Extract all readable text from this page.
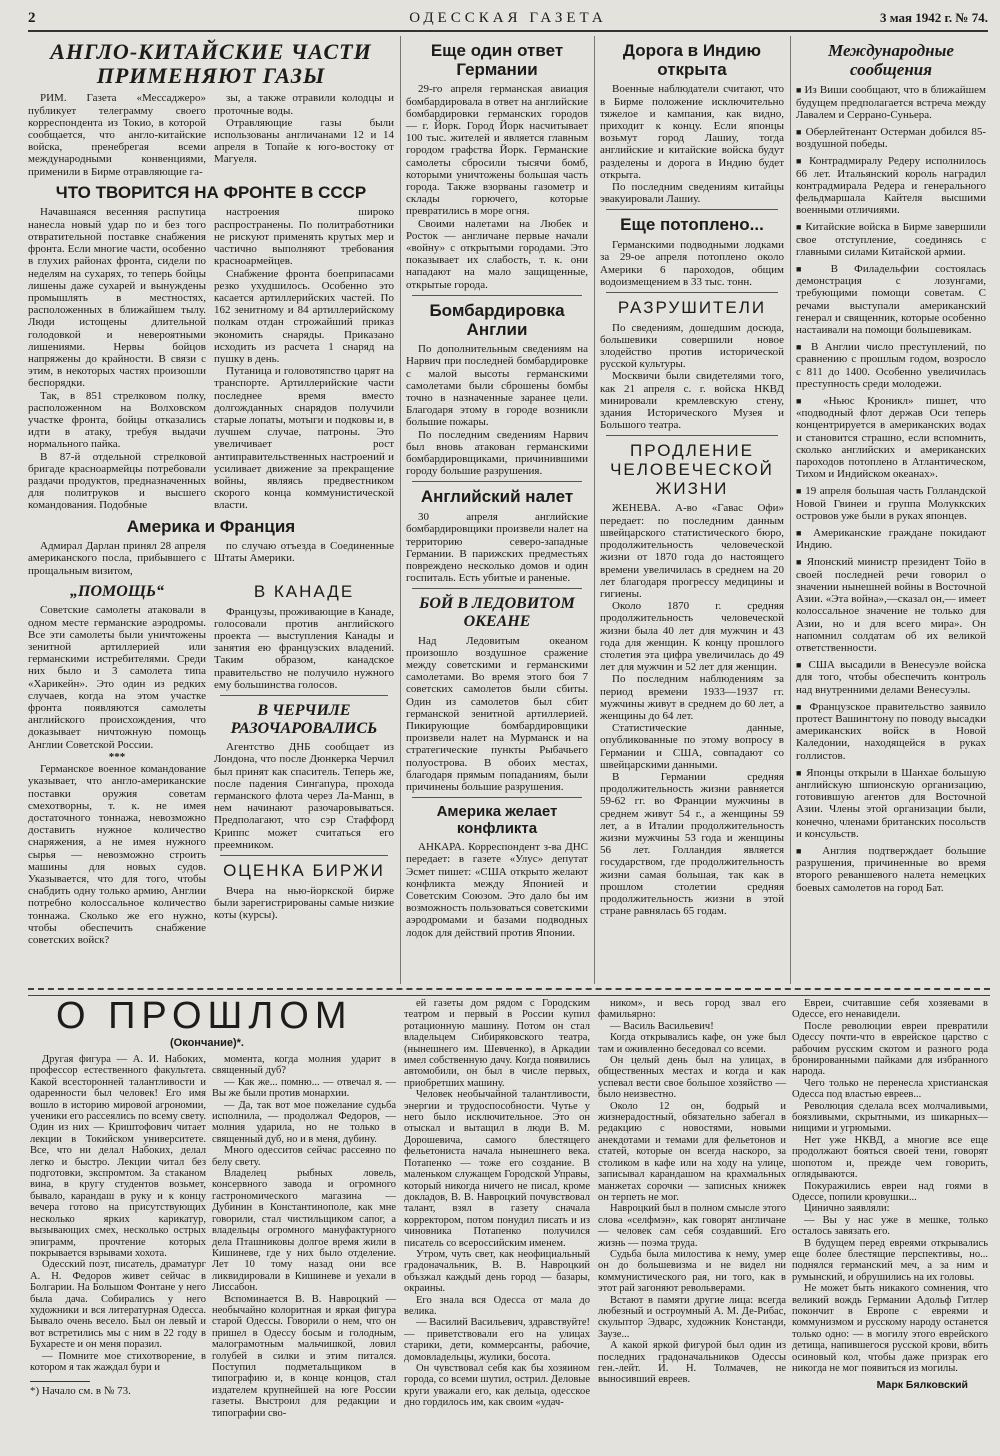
2	ОДЕССКАЯ ГАЗЕТА	3 мая 1942 г. № 74.
АНГЛО-КИТАЙСКИЕ ЧАСТИ ПРИМЕНЯЮТ ГАЗЫ

РИМ. Газета «Мессаджеро» публикует телеграмму своего корреспондента из Токио, в которой сообщается, что англо-китайские войска, пренебрегая всеми международными конвенциями, применили в Бирме отравляющие га-

зы, а также отравили колодцы и проточные воды.

Отравляющие газы были использованы англичанами 12 и 14 апреля в Топайе к юго-востоку от Магуеля.

ЧТО ТВОРИТСЯ НА ФРОНТЕ В СССР

Начавшаяся весенняя распутица нанесла новый удар по и без того отвратительной поставке снабжения фронта. Если многие части, особенно в глухих районах фронта, сидели по неделям на сухарях, то теперь бойцы лишены даже сухарей и вынуждены промышлять в местностях, расположенных в ближайшем тылу. Люди истощены длительной голодовкой и невероятными лишениями. Нервы бойцов напряжены до крайности. В связи с этим, в некоторых частях произошли беспорядки.

Так, в 851 стрелковом полку, расположенном на Волховском участке фронта, бойцы отказались идти в атаку, требуя выдачи нормального пайка.

В 87-й отдельной стрелковой бригаде красноармейцы потребовали раздачи продуктов, предназначенных для политруков и высшего командования. Подобные

настроения широко распространены. По политработники не рискуют применять крутых мер и частично выполняют требования красноармейцев.

Снабжение фронта боеприпасами резко ухудшилось. Особенно это касается артиллерийских частей. По 162 зенитному и 84 артиллерийскому полкам отдан строжайший приказ экономить снаряды. Приказано исходить из расчета 1 снаряд на пушку в день.

Путаница и головотяпство царят на транспорте. Артиллерийские части последнее время вместо долгожданных снарядов получили старые лопаты, мотыги и подковы и, в лучшем случае, патроны. Это увеличивает рост антиправительственных настроений и усиливает движение за прекращение войны, являясь предвестником скорого конца коммунистической власти.

Америка и Франция

Адмирал Дарлан принял 28 апреля американского посла, прибывшего с прощальным визитом,

по случаю отъезда в Соединенные Штаты Америки.

„ПОМОЩЬ“

Советские самолеты атаковали в одном месте германские аэродромы. Все эти самолеты были уничтожены зенитной артиллерией или германскими истребителями. Среди них было и 3 самолета типа «Харикейн». Это один из редких случаев, когда на этом участке фронта появляются самолеты английского происхождения, что доказывает ничтожную помощь Англии Советской России.

***

Германское военное командование указывает, что англо-американские поставки оружия советам смехотворны, т. к. не имея достаточного тоннажа, невозможно доставить нужное количество снаряжения, а не имея нужного сырья — невозможно строить машины для новых судов. Указывается, что для того, чтобы снабдить одну только армию, Англии потребно колоссальное количество тоннажа. Сколько же его нужно, чтобы обеспечить снабжение советских войск?

В КАНАДЕ

Французы, проживающие в Канаде, голосовали против английского проекта — выступления Канады и занятия ею французских владений. Таким образом, канадское правительство не получило нужного ему большинства голосов.

В ЧЕРЧИЛЕ РАЗОЧАРОВАЛИСЬ

Агентство ДНБ сообщает из Лондона, что после Дюнкерка Черчил был принят как спаситель. Теперь же, после падения Сингапура, прохода германского флота через Ла-Манш, в нем начинают разочаровываться. Предполагают, что сэр Стаффорд Криппс может считаться его преемником.

ОЦЕНКА БИРЖИ

Вчера на нью-йоркской бирже были зарегистрированы самые низкие коты (курсы).

Еще один ответ Германии

29-го апреля германская авиация бомбардировала в ответ на английские бомбардировки германских городов — г. Йорк. Город Йорк насчитывает 100 тыс. жителей и является главным городом графства Йорк. Германские самолеты сбросили тысячи бомб, которыми уничтожены большая часть города. Также взорваны газометр и склады горючего, которые превратились в море огня.

Своими налетами на Любек и Росток — англичане первые начали «войну» с открытыми городами. Это показывает их слабость, т. к. они нападают на мало защищенные, открытые города.

Бомбардировка Англии

По дополнительным сведениям на Нарвич при последней бомбардировке с малой высоты германскими самолетами были сброшены бомбы точно в назначенные заранее цели. Благодаря этому в городе возникли большие пожары.

По последним сведениям Нарвич был вновь атакован германскими бомбардировщиками, причинившими городу большие разрушения.

Английский налет

30 апреля английские бомбардировщики произвели налет на территорию северо-западные Германии. В парижских предместьях повреждено несколько домов и один госпиталь. Есть убитые и раненые.

БОЙ В ЛЕДОВИТОМ ОКЕАНЕ

Над Ледовитым океаном произошло воздушное сражение между советскими и германскими самолетами. Во время этого боя 7 советских самолетов были сбиты. Один из самолетов был сбит германской зенитной артиллерией. Пикирующие бомбардировщики произвели налет на Мурманск и на стратегические пункты Рыбачьего полуострова. В обоих местах, благодаря прямым попаданиям, были причинены большие разрушения.

Америка желает конфликта

АНКАРА. Корреспондент з-ва ДНС передает: в газете «Улус» депутат Эсмет пишет: «США открыто желают конфликта между Японией и Советским Союзом. Это дало бы им возможность пользоваться советскими аэродромами и базами подводных лодок для действий против Японии.

Дорога в Индию открыта

Военные наблюдатели считают, что в Бирме положение исключительно тяжелое и кампания, как видно, приходит к концу. Если японцы возьмут город Лашиу, тогда английские и китайские войска будут разделены и дорога в Индию будет открыта.

По последним сведениям китайцы эвакуировали Лашиу.

Еще потоплено...

Германскими подводными лодками за 29-ое апреля потоплено около Америки 6 пароходов, общим водоизмещением в 33 тыс. тонн.

РАЗРУШИТЕЛИ

По сведениям, дошедшим досюда, большевики совершили новое злодейство против исторической русской культуры.

Москвичи были свидетелями того, как 21 апреля с. г. войска НКВД минировали кремлевскую стену, здания Исторического Музея и Большого театра.

ПРОДЛЕНИЕ ЧЕЛОВЕЧЕСКОЙ ЖИЗНИ

ЖЕНЕВА. А-во «Гавас Офи» передает: по последним данным швейцарского статистического бюро, продолжительность человеческой жизни от 1870 года до настоящего времени увеличилась в среднем на 20 лет благодаря прогрессу медицины и гигиены.

Около 1870 г. средняя продолжительность человеческой жизни была 40 лет для мужчин и 43 года для женщин. К концу прошлого столетия эта цифра увеличилась до 49 лет для мужчин и 52 лет для женщин.

По последним наблюдениям за период времени 1933—1937 гг. мужчины живут в среднем до 60 лет, а женщины до 64 лет.

Статистические данные, опубликованные по этому вопросу в Германии и США, совпадают со швейцарскими данными.

В Германии средняя продолжительность жизни равняется 59-62 гг. во Франции мужчины в среднем живут 54 г., а женщины 59 лет, а в Италии продолжительность жизни мужчины 53 года и женщины 56 лет. Голландия является государством, где продолжительность жизни самая большая, так как в прошлом столетии средняя продолжительность жизни в этой стране равнялась 65 годам.

Международные сообщения

■ Из Виши сообщают, что в ближайшем будущем предполагается встреча между Лавалем и Серрано-Суньера.

■ Оберлейтенант Остерман добился 85-воздушной победы.

■ Контрадмиралу Редеру исполнилось 66 лет. Итальянский король наградил контрадмирала Редера и генерального фельдмаршала Кайтеля высшими военными отличиями.

■ Китайские войска в Бирме завершили свое отступление, соединясь с главными силами Китайской армии.

■ В Филадельфии состоялась демонстрация с лозунгами, требующими помощи советам. С речами выступали американский генерал и священник, которые особенно настаивали на помощи большевикам.

■ В Англии число преступлений, по сравнению с прошлым годом, возросло с 811 до 1400. Особенно увеличилась преступность среди молодежи.

■ «Ньюс Кроникл» пишет, что «подводный флот держав Оси теперь концентрируется в американских водах и становится страшно, если вспомнить, сколько английских и американских пароходов потоплено в Атлантическом, Тихом и Индийском океанах».

■ 19 апреля большая часть Голландской Новой Гвинеи и группа Молуккских островов уже были в руках японцев.

■ Американские граждане покидают Индию.

■ Японский министр президент Тойо в своей последней речи говорил о значении нынешней войны в Восточной Азии. «Эта война»,—сказал он,— имеет колоссальное значение не только для Азии, но и для всего мира». Он напомнил солдатам об их великой ответственности.

■ США высадили в Венесуэле войска для того, чтобы обеспечить контроль над внутренними делами Венесуэлы.

■ Французское правительство заявило протест Вашингтону по поводу высадки американских войск в Новой Каледонии, находящейся в руках голлистов.

■ Японцы открыли в Шанхае большую английскую шпионскую организацию, готовившую агентов для Восточной Азии. Члены этой организации были, конечно, членами британских посольств и консульств.

■ Англия подтверждает большие разрушения, причиненные во время второго реваншевого налета немецких боевых самолетов на город Бат.

О ПРОШЛОМ
(Окончание)*.

Другая фигура — А. И. Набоких, профессор естественного факультета. Какой всесторонней талантливости и одаренности был человек! Его имя вошло в историю мировой агрономии, ученики его рассеялись по всему свету. Один из них — Криштофович читает лекции в Токийском университете. Все, что ни делал Набоких, делал легко и быстро. Лекции читал без подготовки, экспромтом. За стаканом вина, в кругу студентов возьмет, бывало, карандаш в руку и к концу вечера готово на присутствующих несколько ярких карикатур, вызывающих смех, несколько острых эпиграмм, прочтение которых покрывается взрывами хохота.

Одесский поэт, писатель, драматург А. Н. Федоров живет сейчас в Болгарии. На Большом Фонтане у него была дача. Собирались у него художники и вся литературная Одесса. Бывало очень весело. Был он левый и вот встретились мы с ним в 22 году в Бухаресте и он меня поразил.

— Помните мое стихотворение, в котором я так жаждал бури и

*) Начало см. в № 73.

момента, когда молния ударит в священный дуб?

— Как же... помню... — отвечал я. — Вы же были против монархии.

— Да, так вот мое пожелание судьба исполнила, — продолжал Федоров, — молния ударила, но не только в священный дуб, но и в меня, дубину.

Много одесситов сейчас рассеяно по белу свету.

Владелец рыбных ловель, консервного завода и огромного гастрономического магазина — Дубинин в Константинополе, как мне говорили, стал чистильщиком сапог, а владельцы огромного мануфактурного дела Пташниковы долгое время жили в Кишиневе, где у них было отделение. Лет 10 тому назад они все ликвидировали в Кишиневе и уехали в Лиссабон.

Вспоминается В. В. Навроцкий — необычайно колоритная и яркая фигура старой Одессы. Говорили о нем, что он пришел в Одессу босым и голодным, малограмотным мальчишкой, ловил голубей в силки и этим питался. Поступил подметальщиком в типографию и, в конце концов, стал издателем крупнейшей на юге России газеты. Выстроил для редакции и типографии сво-

ей газеты дом рядом с Городским театром и первый в России купил ротационную машину. Потом он стал владельцем Сибиряковского театра, (нынешнего им. Шевченко), в Аркадии имел собственную дачу. Когда появились автомобили, он был в числе первых, приобретших машину.

Человек необычайной талантливости, энергии и трудоспособности. Чутье у него было исключительное. Это он отыскал и вытащил в люди В. М. Дорошевича, самого блестящего фельетониста начала нынешнего века. Потапенко — тоже его создание. В маленьком служащем Городской Управы, который никогда ничего не писал, кроме докладов, В. В. Навроцкий почувствовал талант, взял в газету сначала корректором, потом понудил писать и из чиновника Потапенко получился писатель со всероссийским именем.

Утром, чуть свет, как неофициальный градоначальник, В. В. Навроцкий объзжал каждый день город — базары, окраины.

Его знала вся Одесса от мала до велика.

— Василий Васильевич, здравствуйте! — приветствовали его на улицах старики, дети, коммерсанты, рабочие, домовладельцы, жулики, босота.

Он чувствовал себя как бы хозяином города, со всеми шутил, острил. Деловые круги уважали его, как дельца, одесское дно гордилось им, как своим «удач-

ником», и весь город звал его фамильярно:

— Василь Васильевич!

Когда открывались кафе, он уже был там и оживленно беседовал со всеми.

Он целый день был на улицах, в общественных местах и когда и как успевал вести свое большое хозяйство — было неизвестно.

Около 12 он, бодрый и жизнерадостный, обязательно забегал в редакцию с новостями, новыми анекдотами и темами для фельетонов и статей, которые он всегда наскоро, за столиком в кафе или на ходу на улице, записывал карандашом на крахмальных манжетах сорочки — записных книжек он терпеть не мог.

Навроцкий был в полном смысле этого слова «селфмэн», как говорят англичане — человек сам себя создавший. Его жизнь — поэма труда.

Судьба была милостива к нему, умер он до большевизма и не видел ни коммунистического рая, ни того, как в этот рай загоняют револьверами.

Встают в памяти другие лица: всегда любезный и остроумный А. М. Де-Рибас, скульптор Эдварс, художник Констанди, Заузе...

А какой яркой фигурой был один из последних градоначальников Одессы ген.-лейт. И. Н. Толмачев, не выносивший евреев.

Евреи, считавшие себя хозяевами в Одессе, его ненавидели.

После революции евреи превратили Одессу почти-что в еврейское царство с рабочим русским скотом и разного рода бронированными пайками для избранного народа.

Чего только не перенесла христианская Одесса под властью евреев...

Революция сделала всех молчаливыми, боязливыми, скрытными, из шикарных—нищими и угрюмыми.

Нет уже НКВД, а многие все еще продолжают бояться своей тени, говорят шопотом и, прежде чем говорить, оглядываются.

Покуражились евреи над гоями в Одессе, попили кровушки...

Цинично заявляли:

— Вы у нас уже в мешке, только осталось завязать его.

В будущем перед евреями открывались еще более блестящие перспективы, но... поднялся германский меч, а за ним и румынский, и обрушились на их головы.

Не может быть никакого сомнения, что великий вождь Германии Адольф Гитлер покончит в Европе с евреями и коммунизмом и русскому народу останется только одно: — в могилу этого еврейского детища, напившегося русской крови, вбить осиновый кол, чтобы даже призрак его никогда не мог появиться из могилы.

Марк Бялковский
